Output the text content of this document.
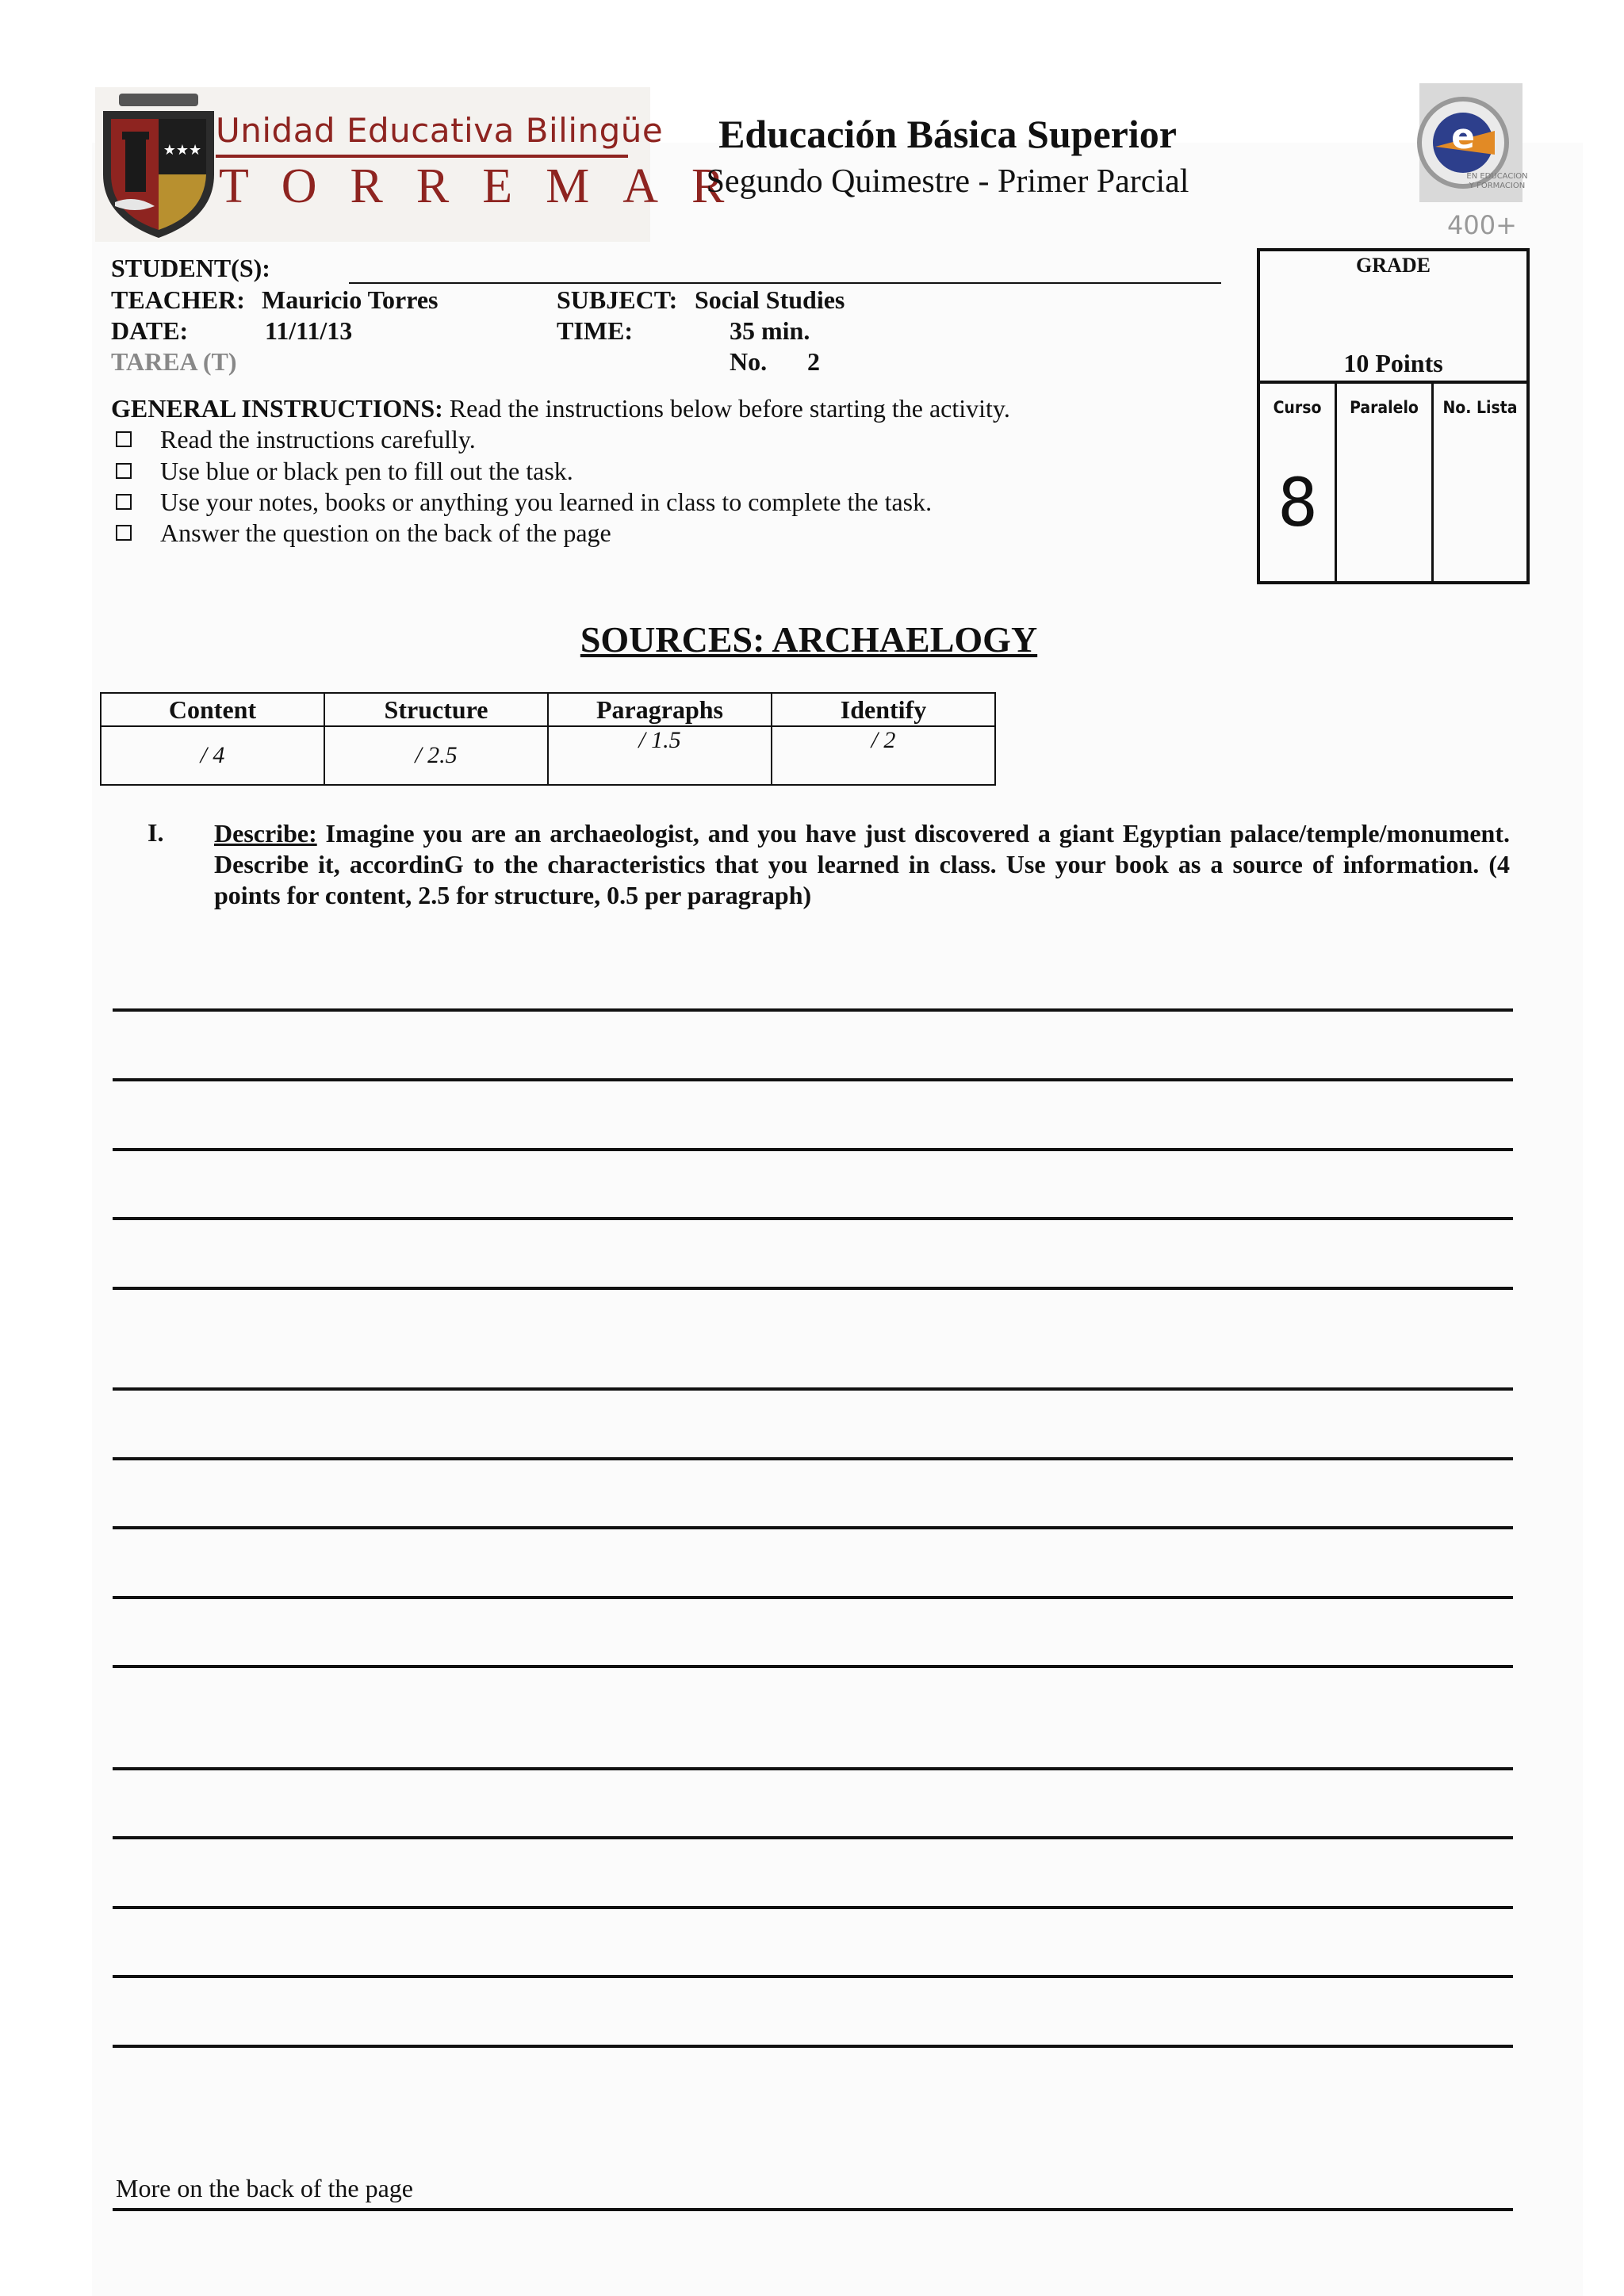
★★★
Unidad Educativa Bilingüe
TORREMAR
Educación Básica Superior
Segundo Quimestre - Primer Parcial
e
EN EDUCACION
Y FORMACION
400+
STUDENT(S):
TEACHER: Mauricio Torres	SUBJECT: Social Studies
DATE:	11/11/13	TIME:	35 min.
TAREA (T)	No. 2
GRADE
10 Points
Curso	Paralelo	No. Lista
8
GENERAL INSTRUCTIONS: Read the instructions below before starting the activity.
Read the instructions carefully.
Use blue or black pen to fill out the task.
Use your notes, books or anything you learned in class to complete the task.
Answer the question on the back of the page
SOURCES: ARCHAELOGY
Content	Structure	Paragraphs	Identify
/ 4	/ 2.5	/ 1.5	/ 2
I. Describe: Imagine you are an archaeologist, and you have just discovered a giant Egyptian palace/temple/monument. Describe it, accordinG to the characteristics that you learned in class. Use your book as a source of information. (4 points for content, 2.5 for structure, 0.5 per paragraph)
More on the back of the page
